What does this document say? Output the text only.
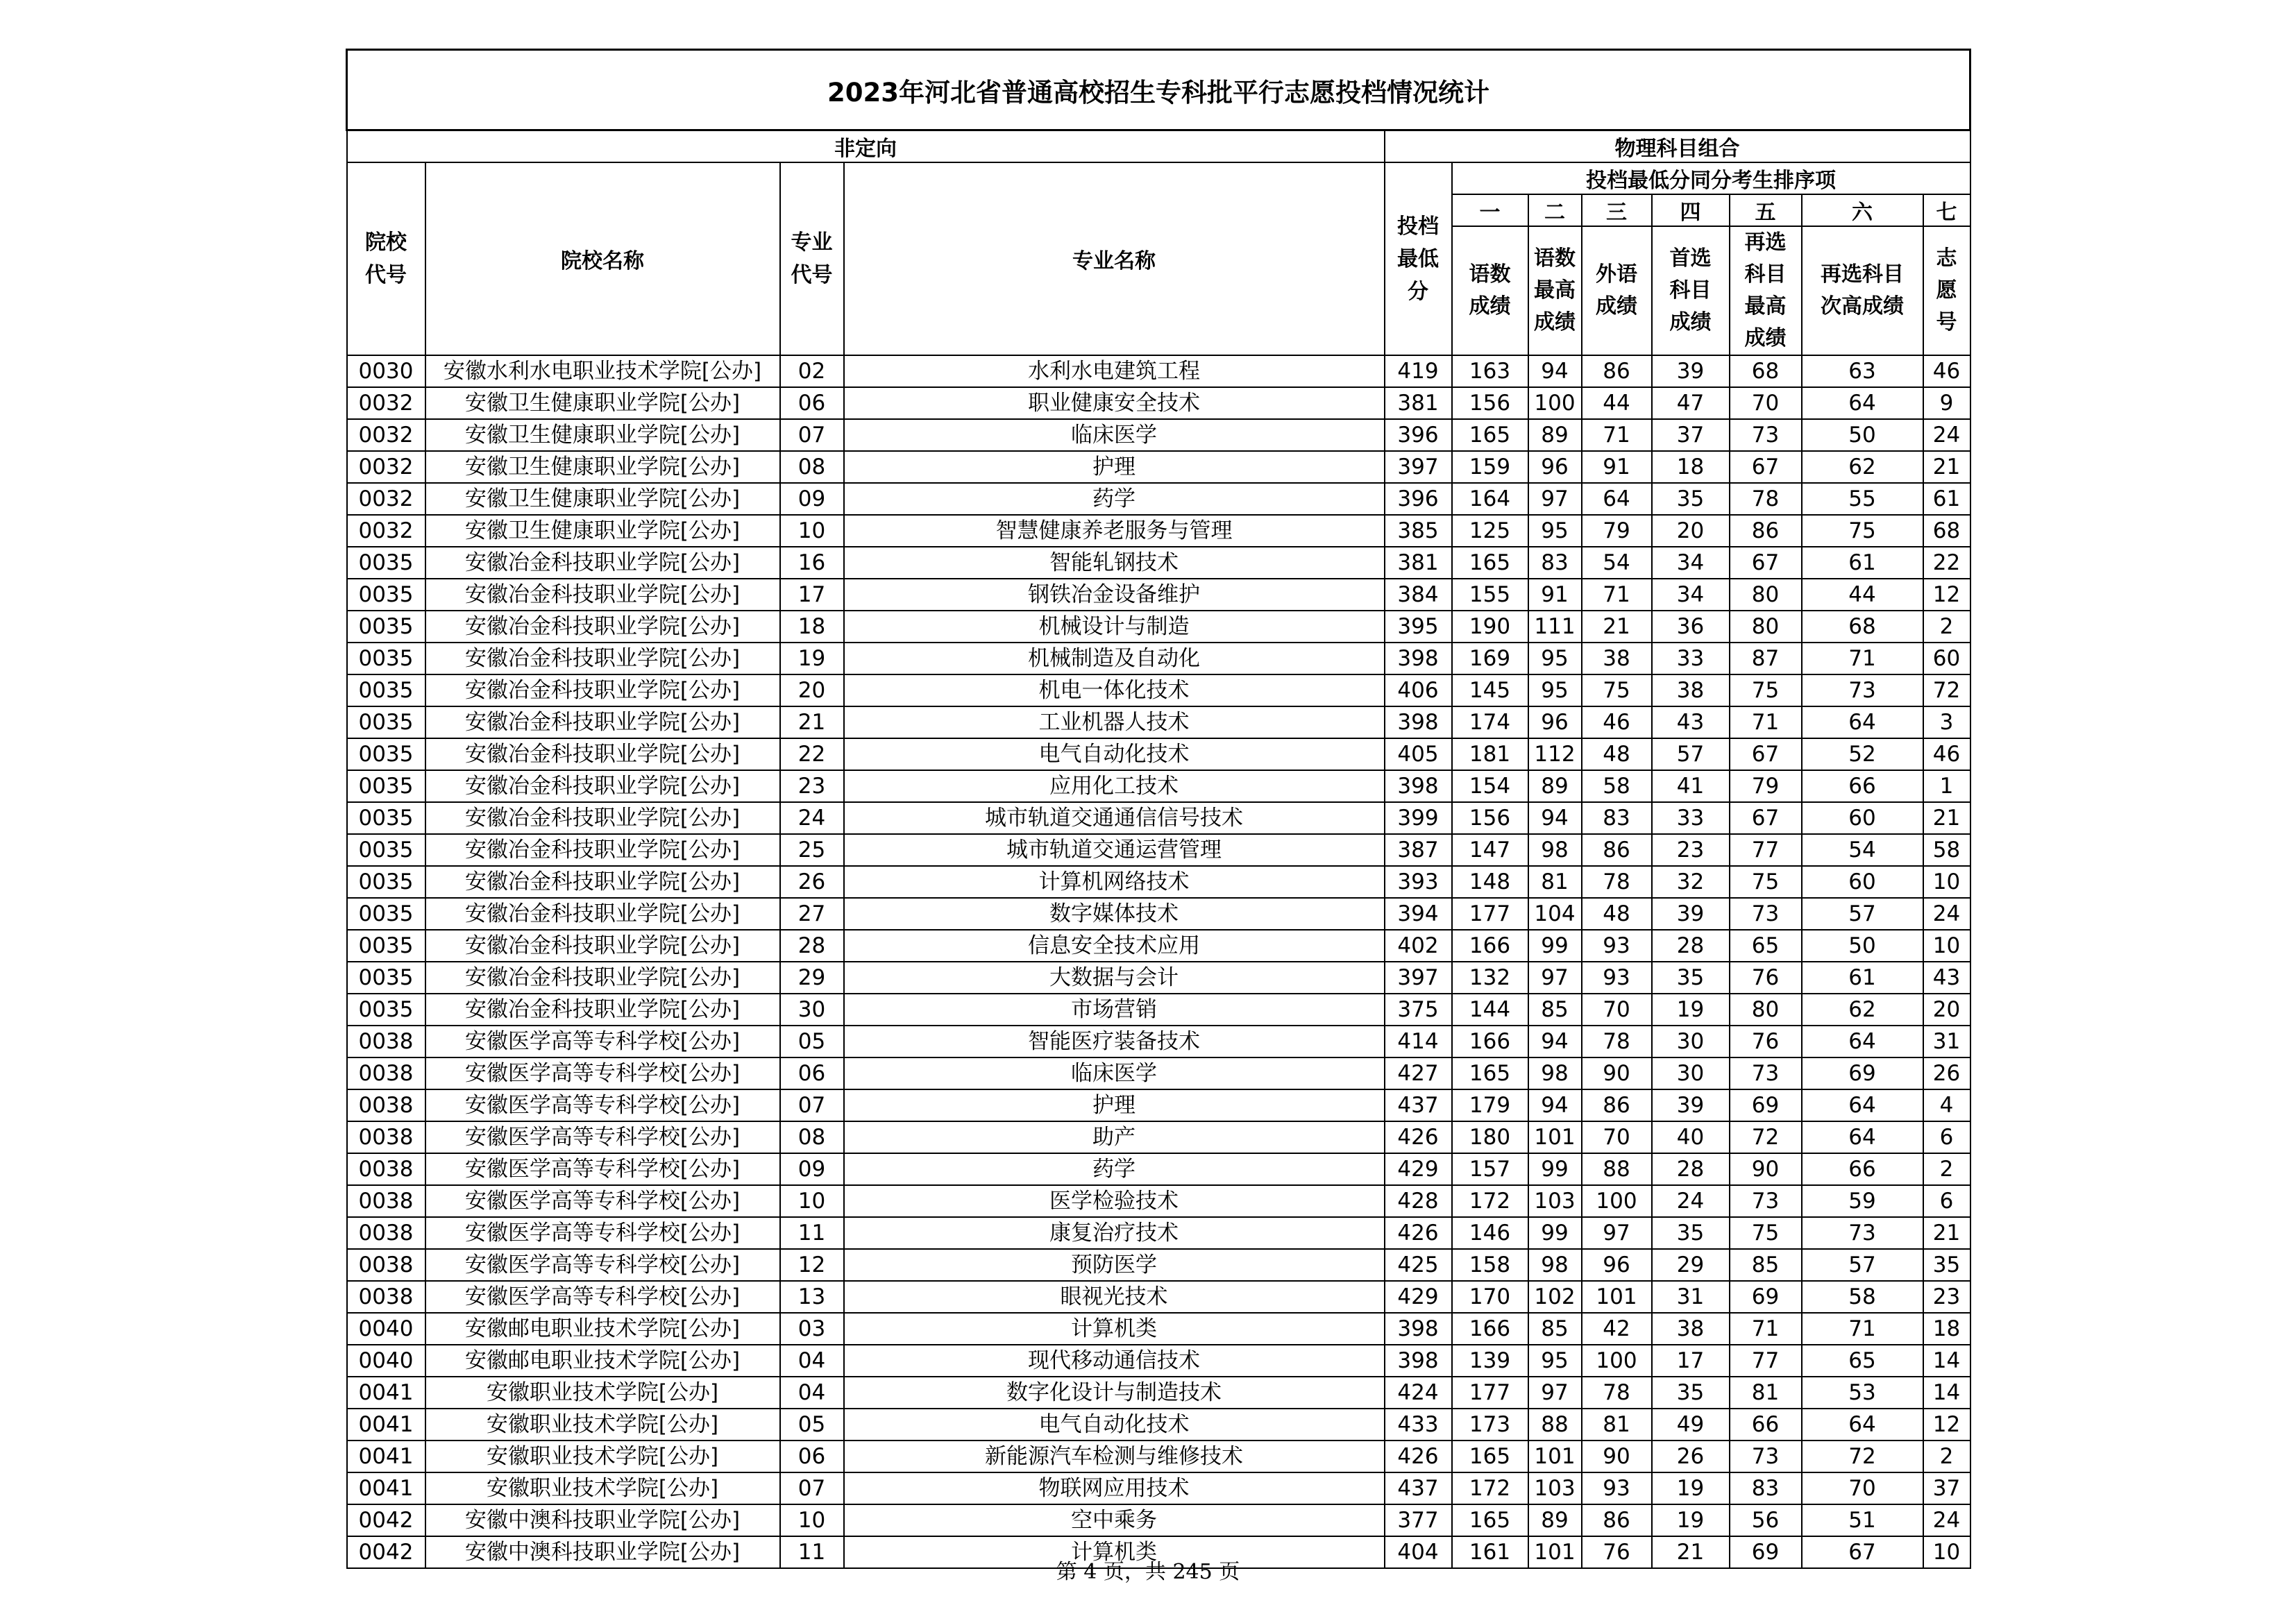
2023年河北省普通高校招生专科批平行志愿投档情况统计											
非定向				物理科目组合							
院校代号	院校名称	专业代号	专业名称	投档最低分	投档最低分同分考生排序项						
					一	二	三	四	五	六	七
					语数成绩	语数最高成绩	外语成绩	首选科目成绩	再选科目最高成绩	再选科目次高成绩	志愿号
0030	安徽水利水电职业技术学院[公办]	02	水利水电建筑工程	419	163	94	86	39	68	63	46
0032	安徽卫生健康职业学院[公办]	06	职业健康安全技术	381	156	100	44	47	70	64	9
0032	安徽卫生健康职业学院[公办]	07	临床医学	396	165	89	71	37	73	50	24
0032	安徽卫生健康职业学院[公办]	08	护理	397	159	96	91	18	67	62	21
0032	安徽卫生健康职业学院[公办]	09	药学	396	164	97	64	35	78	55	61
0032	安徽卫生健康职业学院[公办]	10	智慧健康养老服务与管理	385	125	95	79	20	86	75	68
0035	安徽冶金科技职业学院[公办]	16	智能轧钢技术	381	165	83	54	34	67	61	22
0035	安徽冶金科技职业学院[公办]	17	钢铁冶金设备维护	384	155	91	71	34	80	44	12
0035	安徽冶金科技职业学院[公办]	18	机械设计与制造	395	190	111	21	36	80	68	2
0035	安徽冶金科技职业学院[公办]	19	机械制造及自动化	398	169	95	38	33	87	71	60
0035	安徽冶金科技职业学院[公办]	20	机电一体化技术	406	145	95	75	38	75	73	72
0035	安徽冶金科技职业学院[公办]	21	工业机器人技术	398	174	96	46	43	71	64	3
0035	安徽冶金科技职业学院[公办]	22	电气自动化技术	405	181	112	48	57	67	52	46
0035	安徽冶金科技职业学院[公办]	23	应用化工技术	398	154	89	58	41	79	66	1
0035	安徽冶金科技职业学院[公办]	24	城市轨道交通通信信号技术	399	156	94	83	33	67	60	21
0035	安徽冶金科技职业学院[公办]	25	城市轨道交通运营管理	387	147	98	86	23	77	54	58
0035	安徽冶金科技职业学院[公办]	26	计算机网络技术	393	148	81	78	32	75	60	10
0035	安徽冶金科技职业学院[公办]	27	数字媒体技术	394	177	104	48	39	73	57	24
0035	安徽冶金科技职业学院[公办]	28	信息安全技术应用	402	166	99	93	28	65	50	10
0035	安徽冶金科技职业学院[公办]	29	大数据与会计	397	132	97	93	35	76	61	43
0035	安徽冶金科技职业学院[公办]	30	市场营销	375	144	85	70	19	80	62	20
0038	安徽医学高等专科学校[公办]	05	智能医疗装备技术	414	166	94	78	30	76	64	31
0038	安徽医学高等专科学校[公办]	06	临床医学	427	165	98	90	30	73	69	26
0038	安徽医学高等专科学校[公办]	07	护理	437	179	94	86	39	69	64	4
0038	安徽医学高等专科学校[公办]	08	助产	426	180	101	70	40	72	64	6
0038	安徽医学高等专科学校[公办]	09	药学	429	157	99	88	28	90	66	2
0038	安徽医学高等专科学校[公办]	10	医学检验技术	428	172	103	100	24	73	59	6
0038	安徽医学高等专科学校[公办]	11	康复治疗技术	426	146	99	97	35	75	73	21
0038	安徽医学高等专科学校[公办]	12	预防医学	425	158	98	96	29	85	57	35
0038	安徽医学高等专科学校[公办]	13	眼视光技术	429	170	102	101	31	69	58	23
0040	安徽邮电职业技术学院[公办]	03	计算机类	398	166	85	42	38	71	71	18
0040	安徽邮电职业技术学院[公办]	04	现代移动通信技术	398	139	95	100	17	77	65	14
0041	安徽职业技术学院[公办]	04	数字化设计与制造技术	424	177	97	78	35	81	53	14
0041	安徽职业技术学院[公办]	05	电气自动化技术	433	173	88	81	49	66	64	12
0041	安徽职业技术学院[公办]	06	新能源汽车检测与维修技术	426	165	101	90	26	73	72	2
0041	安徽职业技术学院[公办]	07	物联网应用技术	437	172	103	93	19	83	70	37
0042	安徽中澳科技职业学院[公办]	10	空中乘务	377	165	89	86	19	56	51	24
0042	安徽中澳科技职业学院[公办]	11	计算机类	404	161	101	76	21	69	67	10
第 4 页，共 245 页
